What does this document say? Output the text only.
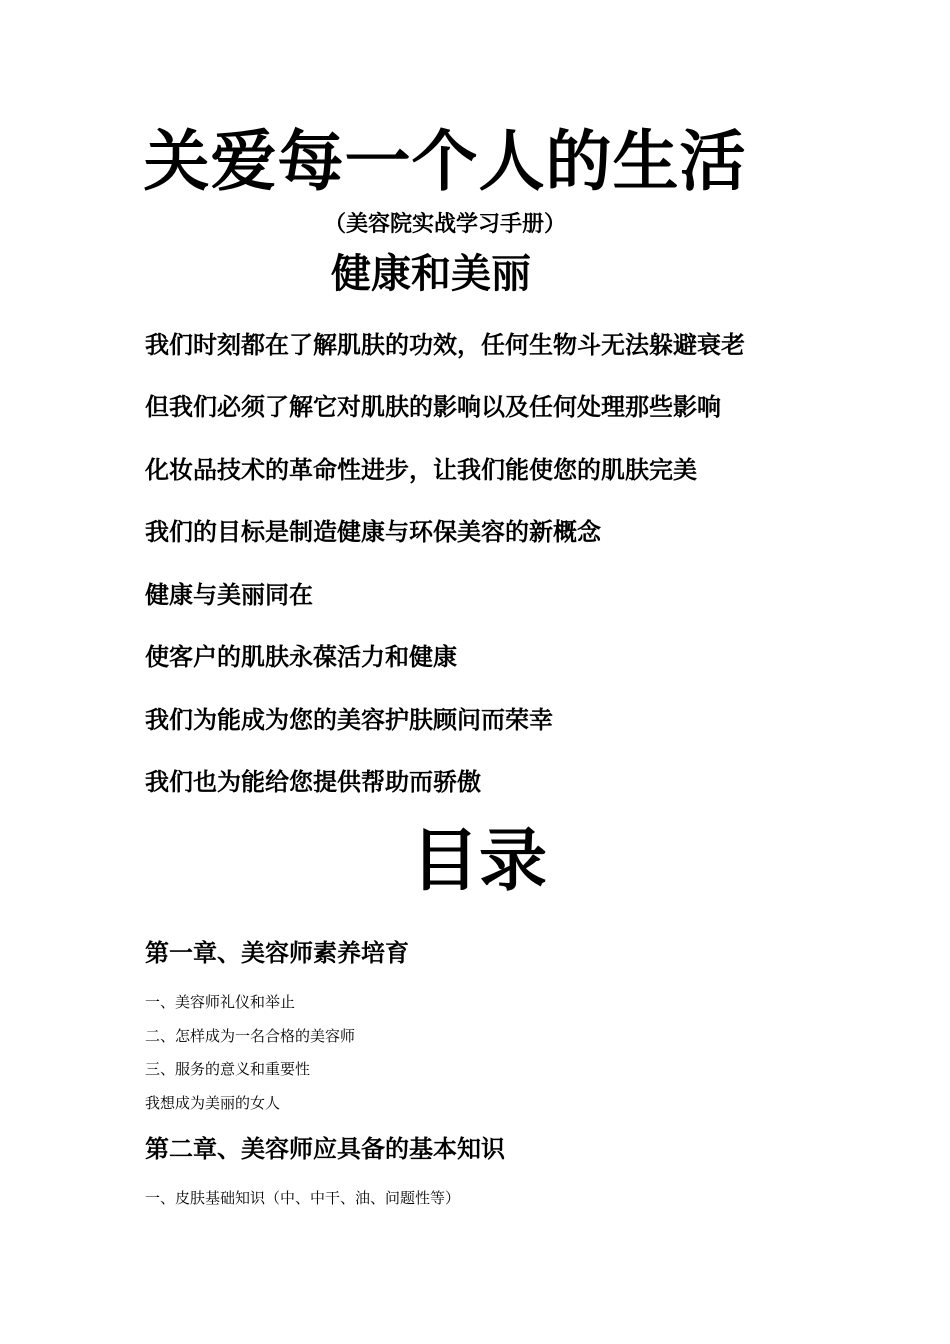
关爱每一个人的生活
（美容院实战学习手册）
健康和美丽
我们时刻都在了解肌肤的功效，任何生物斗无法躲避衰老
但我们必须了解它对肌肤的影响以及任何处理那些影响
化妆品技术的革命性进步，让我们能使您的肌肤完美
我们的目标是制造健康与环保美容的新概念
健康与美丽同在
使客户的肌肤永葆活力和健康
我们为能成为您的美容护肤顾问而荣幸
我们也为能给您提供帮助而骄傲
目录
第一章、美容师素养培育
一、美容师礼仪和举止
二、怎样成为一名合格的美容师
三、服务的意义和重要性
我想成为美丽的女人
第二章、美容师应具备的基本知识
一、皮肤基础知识（中、中干、油、问题性等）
